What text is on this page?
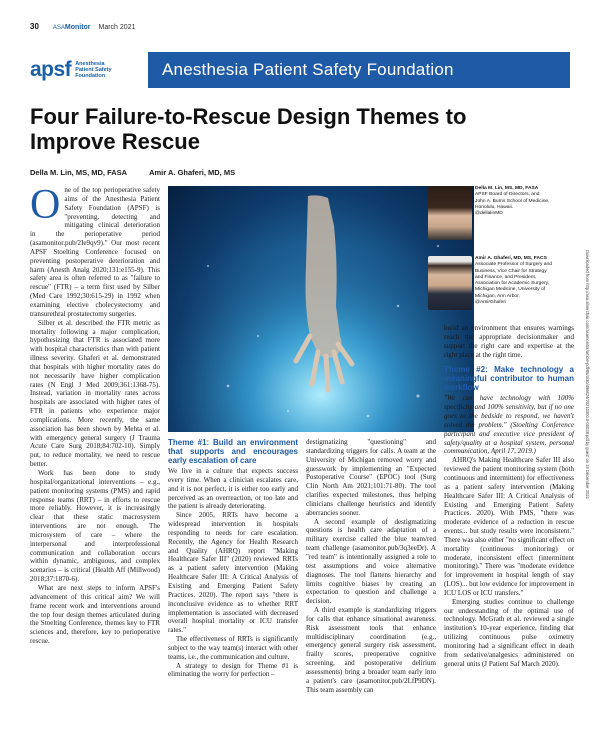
30 ASAMonitor March 2021
apsf Anesthesia
Patient Safety
Foundation	Anesthesia Patient Safety Foundation
Four Failure-to-Rescue Design Themes to Improve Rescue
Della M. Lin, MS, MD, FASA	Amir A. Ghaferi, MD, MS

One of the top perioperative safety aims of the Anesthesia Patient Safety Foundation (APSF) is "preventing, detecting and mitigating clinical deterioration in the perioperative period (asamonitor.pub/2Ie9qv9)." Our most recent APSF Stoelting Conference focused on preventing postoperative deterioration and harm (Anesth Analg 2020;131:e155-9). This safety area is often referred to as "failure to rescue" (FTR) – a term first used by Silber (Med Care 1992;30:615-29) in 1992 when examining elective cholecystectomy and transurethral prostatectomy surgeries.

Silber et al. described the FTR metric as mortality following a major complication, hypothesizing that FTR is associated more with hospital characteristics than with patient illness severity. Ghaferi et al. demonstrated that hospitals with higher mortality rates do not necessarily have higher complication rates (N Engl J Med 2009;361:1368-75). Instead, variation in mortality rates across hospitals are associated with higher rates of FTR in patients who experience major complications. More recently, the same association has been shown by Mehta et al. with emergency general surgery (J Trauma Acute Care Surg 2018;84:702-10). Simply put, to reduce mortality, we need to rescue better.

Work has been done to study hospital/organizational interventions – e.g., patient monitoring systems (PMS) and rapid response teams (RRT) – in efforts to rescue more reliably. However, it is increasingly clear that these static macrosystem interventions are not enough. The microsystem of care – where the interpersonal and interprofessional communication and collaboration occurs within dynamic, ambiguous, and complex scenarios – is critical (Health Aff (Millwood) 2018;37:1870-6).

What are next steps to inform APSF's advancement of this critical aim? We will frame recent work and interventions around the top four design themes articulated during the Stoelting Conference, themes key to FTR sciences and, therefore, key to perioperative rescue.

Theme #1: Build an environment that supports and encourages early escalation of care

We live in a culture that expects success every time. When a clinician escalates care, and it is not perfect, it is either too early and perceived as an overreaction, or too late and the patient is already deteriorating.

Since 2005, RRTs have become a widespread intervention in hospitals responding to needs for care escalation. Recently, the Agency for Health Research and Quality (AHRQ) report "Making Healthcare Safer III" (2020) reviewed RRTs as a patient safety intervention (Making Healthcare Safer III: A Critical Analysis of Existing and Emerging Patient Safety Practices. 2020). The report says "there is inconclusive evidence as to whether RRT implementation is associated with decreased overall hospital mortality or ICU transfer rates."

The effectiveness of RRTs is significantly subject to the way team(s) interact with other teams, i.e., the communication and culture.

A strategy to design for Theme #1 is eliminating the worry for perfection –

destigmatizing "questioning" and standardizing triggers for calls. A team at the University of Michigan removed worry and guesswork by implementing an "Expected Postoperative Course" (EPOC) tool (Surg Clin North Am 2021;101:71-80). The tool clarifies expected milestones, thus helping clinicians challenge heuristics and identify aberrancies sooner.

A second example of destigmatizing questions is health care adaptation of a military exercise called the blue team/red team challenge (asamonitor.pub/3q3eeDr). A "red team" is intentionally assigned a role to test assumptions and voice alternative diagnoses. The tool flattens hierarchy and limits cognitive biases by creating an expectation to question and challenge a decision.

A third example is standardizing triggers for calls that enhance situational awareness. Risk assessment tools that enhance multidisciplinary coordination (e.g., emergency general surgery risk assessment, frailty scores, preoperative cognitive screening, and postoperative delirium assessments) bring a broader team early into a patient's care (asamonitor.pub/2LfP9DN). This team assembly can

Della M. Lin, MS, MD, FASA
APSF Board of Directors, and
John A. Burns School of Medicine,
Honolulu, Hawaii.
@dellalinMD
Amir A. Ghaferi, MD, MS, FACS
Associate Professor of Surgery and
Business, Vice Chair for Strategy
and Finance, and President,
Association for Academic Surgery,
Michigan Medicine, University of
Michigan, Ann Arbor.
@AmirGhaferi

build an environment that ensures warnings reach the appropriate decisionmaker and support the right care and expertise at the right place at the right time.

Theme #2: Make technology a meaningful contributor to human workflow

"We can have technology with 100% specificity and 100% sensitivity, but if no one goes to the bedside to respond, we haven't solved the problem." (Stoelting Conference participant and executive vice president of safety/quality at a hospital system, personal communication, April 17, 2019.)

AHRQ's Making Healthcare Safer III also reviewed the patient monitoring system (both continuous and intermittent) for effectiveness as a patient safety intervention (Making Healthcare Safer III: A Critical Analysis of Existing and Emerging Patient Safety Practices. 2020). With PMS, "there was moderate evidence of a reduction in rescue events... but study results were inconsistent." There was also either "no significant effect on mortality (continuous monitoring) or moderate, inconsistent effect (intermittent monitoring)." There was "moderate evidence for improvement in hospital length of stay (LOS)... but low evidence for improvement in ICU LOS or ICU transfers."

Emerging studies continue to challenge our understanding of the optimal use of technology. McGrath et al. reviewed a single institution's 10-year experience, finding that utilizing continuous pulse oximetry monitoring had a significant effect in death from sedative/analgesics administered on general units (J Patient Saf March 2020).

Downloaded from http://asa.silverchair.com/asamonitor/article-pdf/85/3/30/499424/20210300.0-00028.pdf by guest on 19 December 2021
